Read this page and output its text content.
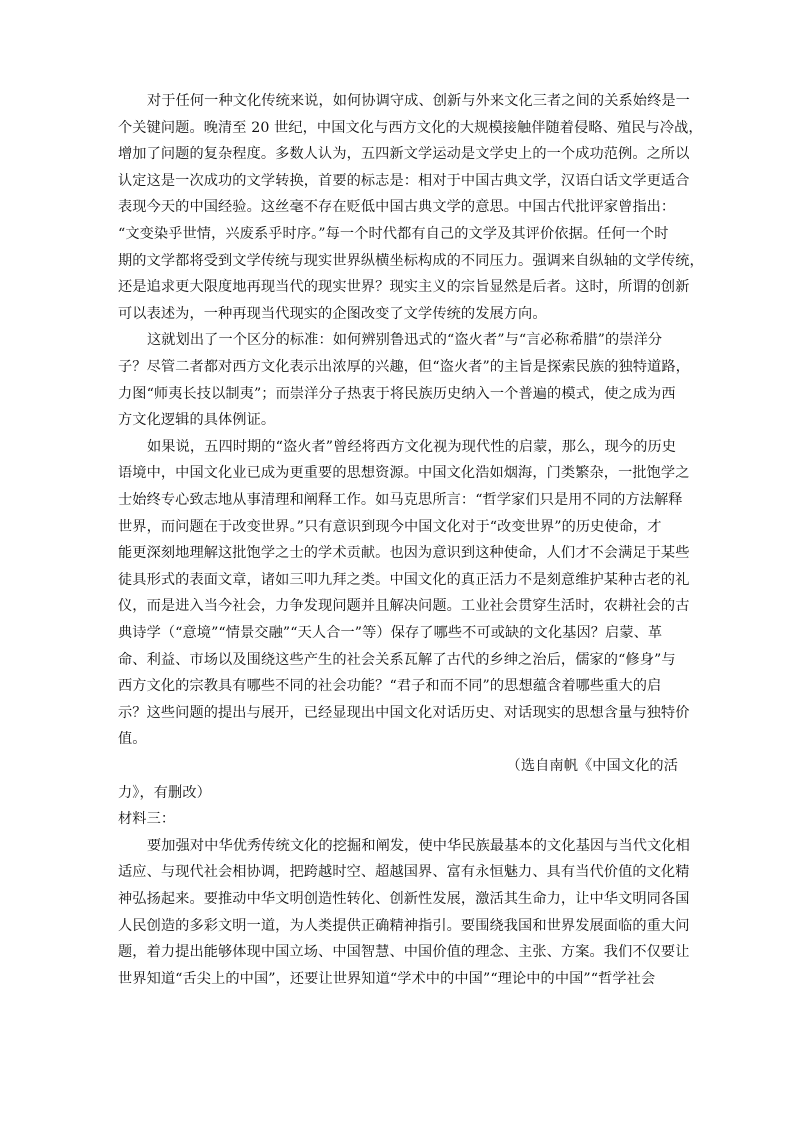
对于任何一种文化传统来说，如何协调守成、创新与外来文化三者之间的关系始终是一
个关键问题。晚清至 20 世纪，中国文化与西方文化的大规模接触伴随着侵略、殖民与冷战，
增加了问题的复杂程度。多数人认为，五四新文学运动是文学史上的一个成功范例。之所以
认定这是一次成功的文学转换，首要的标志是：相对于中国古典文学，汉语白话文学更适合
表现今天的中国经验。这丝毫不存在贬低中国古典文学的意思。中国古代批评家曾指出：
“文变染乎世情，兴废系乎时序。”每一个时代都有自己的文学及其评价依据。任何一个时
期的文学都将受到文学传统与现实世界纵横坐标构成的不同压力。强调来自纵轴的文学传统，
还是追求更大限度地再现当代的现实世界？现实主义的宗旨显然是后者。这时，所谓的创新
可以表述为，一种再现当代现实的企图改变了文学传统的发展方向。
这就划出了一个区分的标准：如何辨别鲁迅式的“盗火者”与“言必称希腊”的崇洋分
子？尽管二者都对西方文化表示出浓厚的兴趣，但“盗火者”的主旨是探索民族的独特道路，
力图“师夷长技以制夷”；而崇洋分子热衷于将民族历史纳入一个普遍的模式，使之成为西
方文化逻辑的具体例证。
如果说，五四时期的“盗火者”曾经将西方文化视为现代性的启蒙，那么，现今的历史
语境中，中国文化业已成为更重要的思想资源。中国文化浩如烟海，门类繁杂，一批饱学之
士始终专心致志地从事清理和阐释工作。如马克思所言：“哲学家们只是用不同的方法解释
世界，而问题在于改变世界。”只有意识到现今中国文化对于“改变世界”的历史使命，才
能更深刻地理解这批饱学之士的学术贡献。也因为意识到这种使命，人们才不会满足于某些
徒具形式的表面文章，诸如三叩九拜之类。中国文化的真正活力不是刻意维护某种古老的礼
仪，而是进入当今社会，力争发现问题并且解决问题。工业社会贯穿生活时，农耕社会的古
典诗学（“意境”“情景交融”“天人合一”等）保存了哪些不可或缺的文化基因？启蒙、革
命、利益、市场以及围绕这些产生的社会关系瓦解了古代的乡绅之治后，儒家的“修身”与
西方文化的宗教具有哪些不同的社会功能？“君子和而不同”的思想蕴含着哪些重大的启
示？这些问题的提出与展开，已经显现出中国文化对话历史、对话现实的思想含量与独特价
值。
（选自南帆《中国文化的活
力》，有删改）
材料三：
要加强对中华优秀传统文化的挖掘和阐发，使中华民族最基本的文化基因与当代文化相
适应、与现代社会相协调，把跨越时空、超越国界、富有永恒魅力、具有当代价值的文化精
神弘扬起来。要推动中华文明创造性转化、创新性发展，激活其生命力，让中华文明同各国
人民创造的多彩文明一道，为人类提供正确精神指引。要围绕我国和世界发展面临的重大问
题，着力提出能够体现中国立场、中国智慧、中国价值的理念、主张、方案。我们不仅要让
世界知道“舌尖上的中国”，还要让世界知道“学术中的中国”“理论中的中国”“哲学社会
